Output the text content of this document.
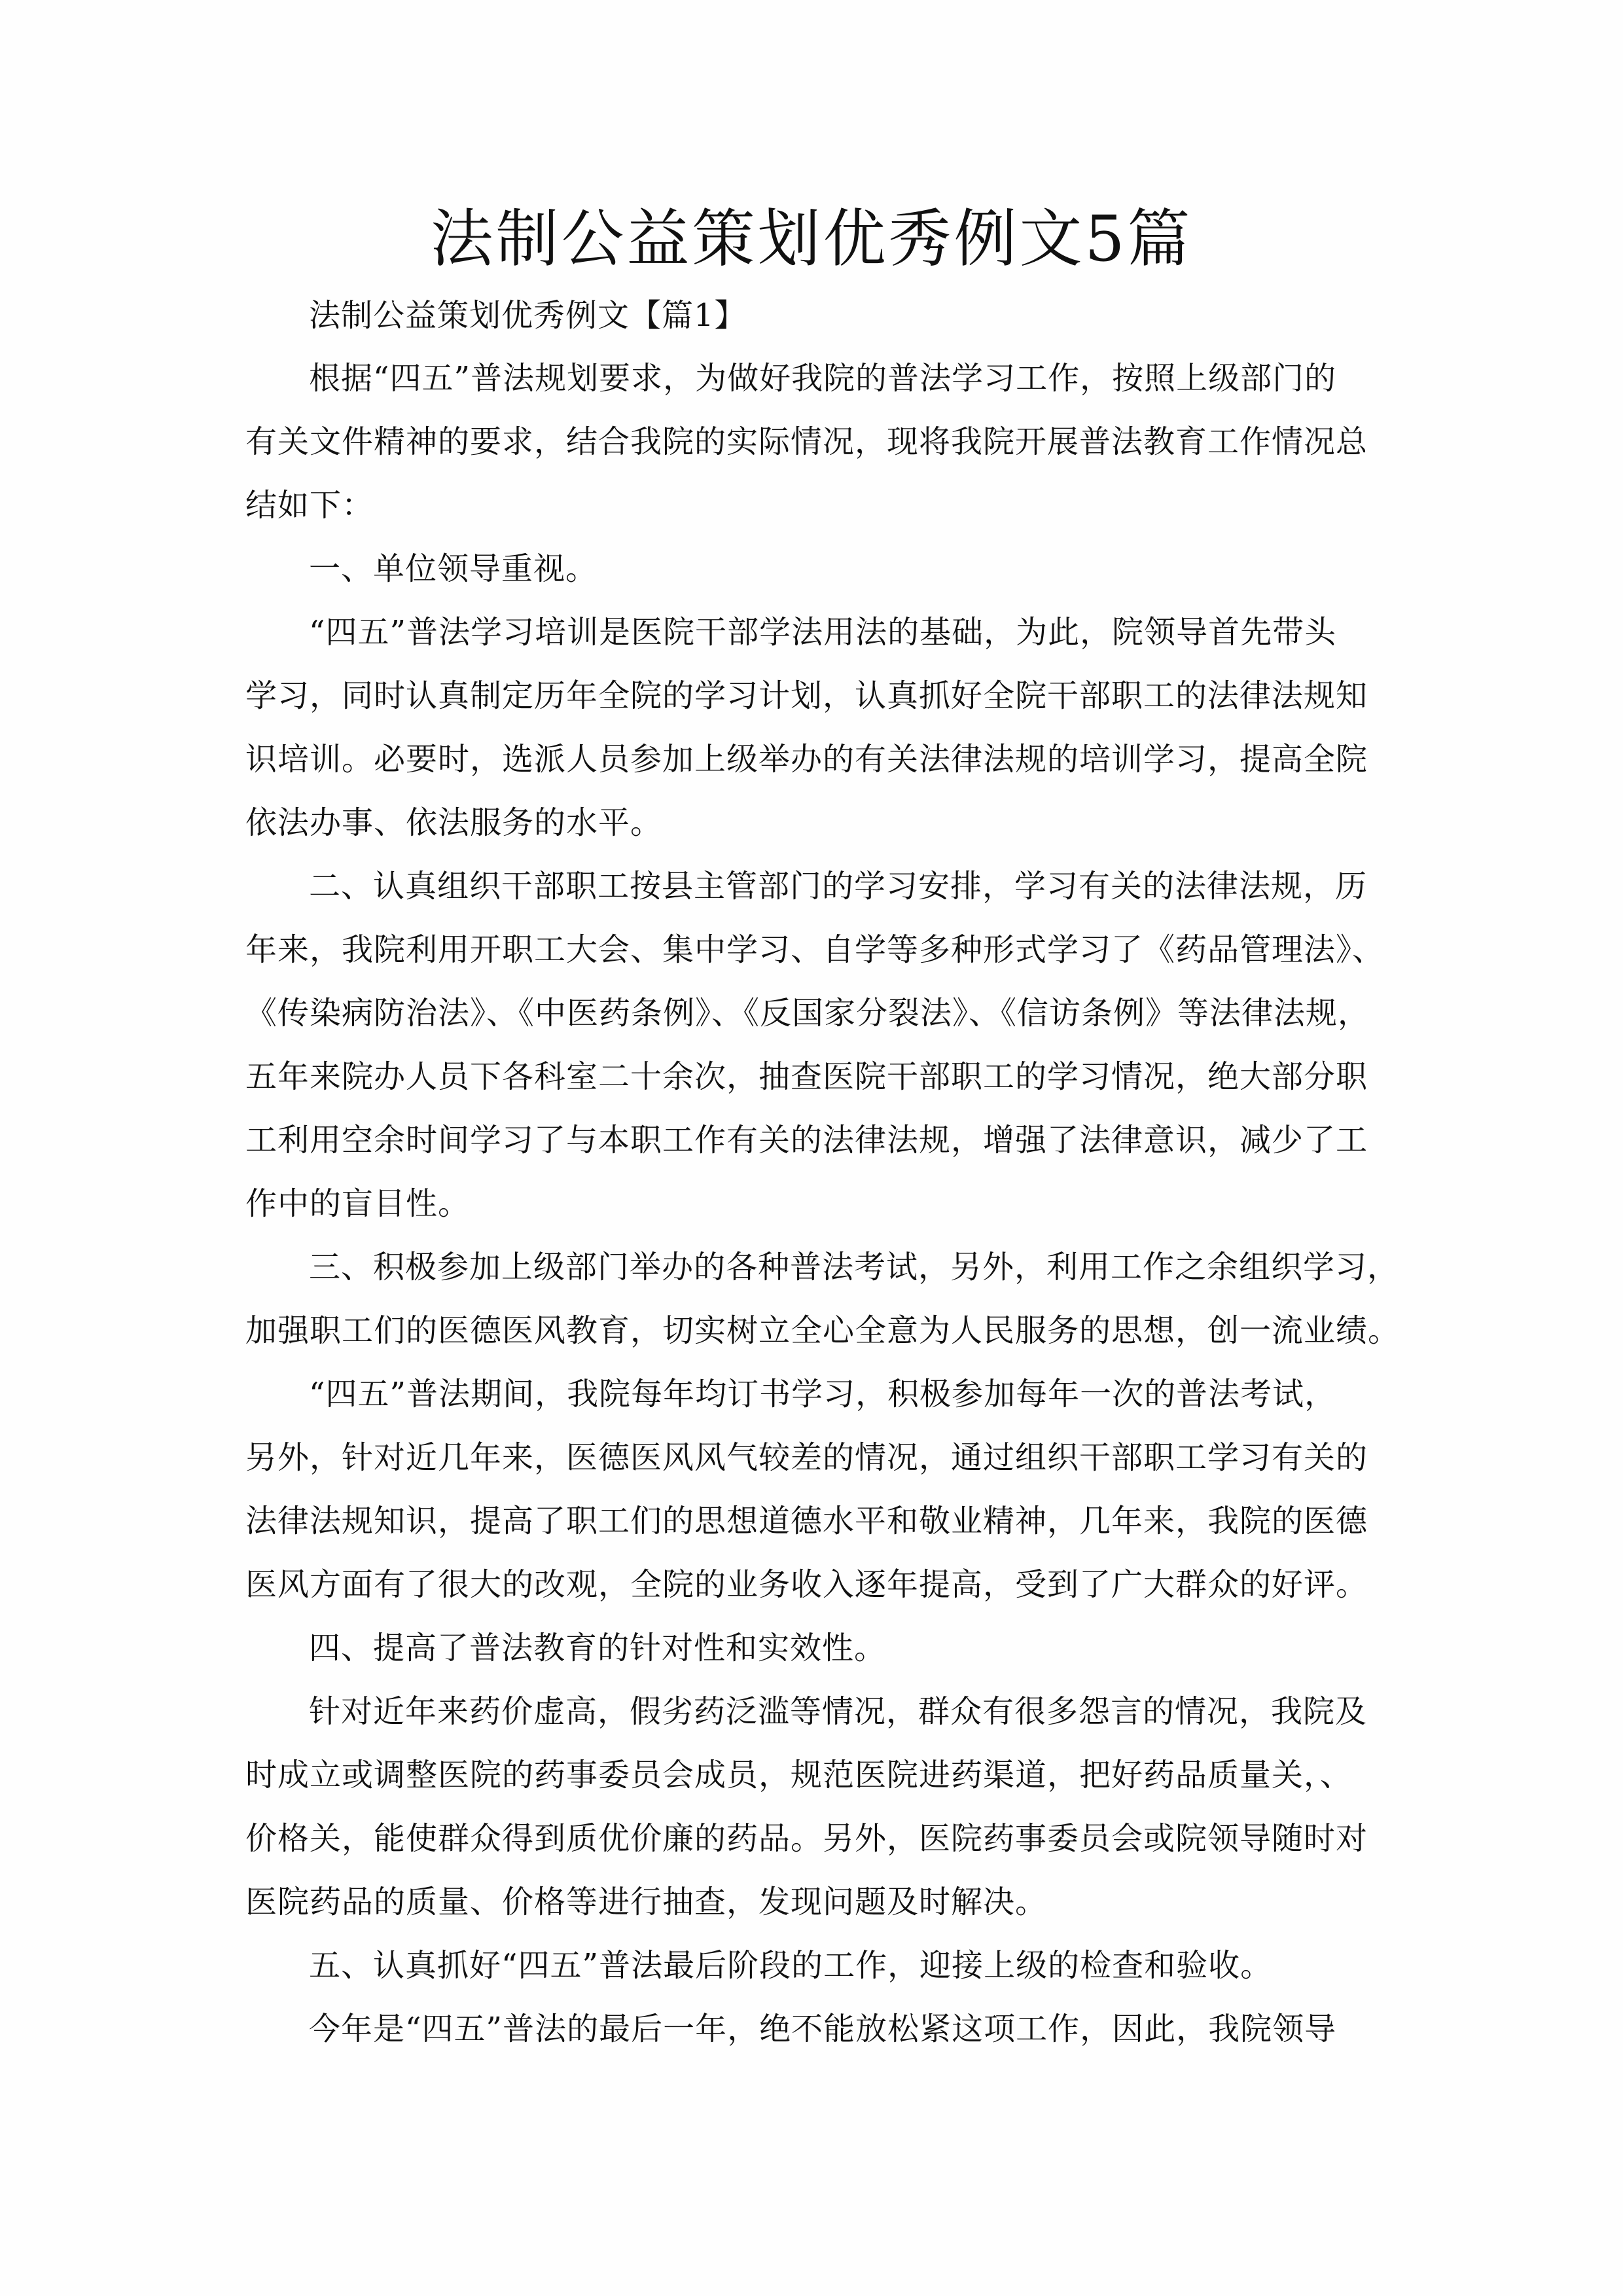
法制公益策划优秀例文5篇

法制公益策划优秀例文【篇1】

根据“四五”普法规划要求，为做好我院的普法学习工作，按照上级部门的

有关文件精神的要求，结合我院的实际情况，现将我院开展普法教育工作情况总

结如下：

一、单位领导重视。

“四五”普法学习培训是医院干部学法用法的基础，为此，院领导首先带头

学习，同时认真制定历年全院的学习计划，认真抓好全院干部职工的法律法规知

识培训。必要时，选派人员参加上级举办的有关法律法规的培训学习，提高全院

依法办事、依法服务的水平。

二、认真组织干部职工按县主管部门的学习安排，学习有关的法律法规，历

年来，我院利用开职工大会、集中学习、自学等多种形式学习了《药品管理法》、

《传染病防治法》、《中医药条例》、《反国家分裂法》、《信访条例》等法律法规，

五年来院办人员下各科室二十余次，抽查医院干部职工的学习情况，绝大部分职

工利用空余时间学习了与本职工作有关的法律法规，增强了法律意识，减少了工

作中的盲目性。

三、积极参加上级部门举办的各种普法考试，另外，利用工作之余组织学习，

加强职工们的医德医风教育，切实树立全心全意为人民服务的思想，创一流业绩。

“四五”普法期间，我院每年均订书学习，积极参加每年一次的普法考试，

另外，针对近几年来，医德医风风气较差的情况，通过组织干部职工学习有关的

法律法规知识，提高了职工们的思想道德水平和敬业精神，几年来，我院的医德

医风方面有了很大的改观，全院的业务收入逐年提高，受到了广大群众的好评。

四、提高了普法教育的针对性和实效性。

针对近年来药价虚高，假劣药泛滥等情况，群众有很多怨言的情况，我院及

时成立或调整医院的药事委员会成员，规范医院进药渠道，把好药品质量关，、

价格关，能使群众得到质优价廉的药品。另外，医院药事委员会或院领导随时对

医院药品的质量、价格等进行抽查，发现问题及时解决。

五、认真抓好“四五”普法最后阶段的工作，迎接上级的检查和验收。

今年是“四五”普法的最后一年，绝不能放松紧这项工作，因此，我院领导
